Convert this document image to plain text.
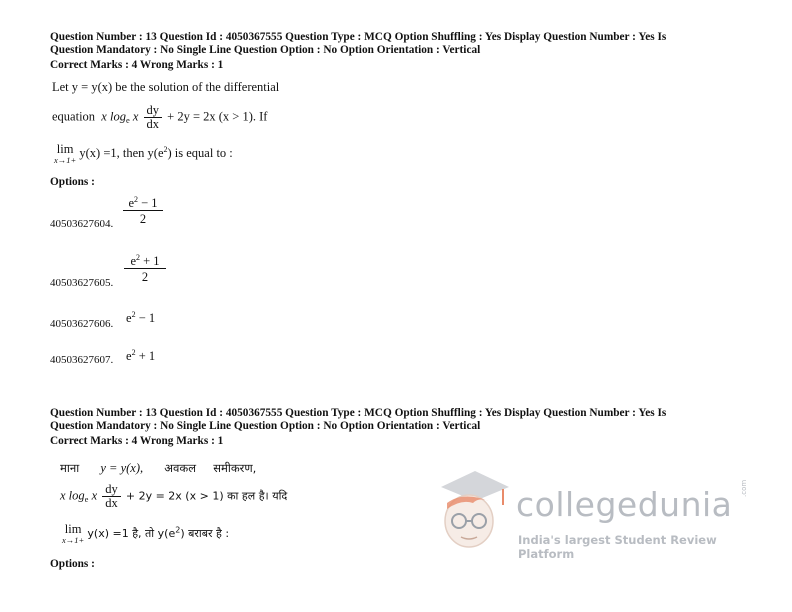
Question Number : 13 Question Id : 4050367555 Question Type : MCQ Option Shuffling : Yes Display Question Number : Yes Is
Question Mandatory : No Single Line Question Option : No Option Orientation : Vertical
Correct Marks : 4 Wrong Marks : 1
Let y = y(x) be the solution of the differential
equation x $\log_e x \frac{dy}{dx} + 2y = 2x$ (x > 1). If
lim
x→1+ y(x) =1, then $y(e^2)$ is equal to :
Options :
$e^2 - 1$
2
40503627604.
$e^2 + 1$
2
40503627605.
40503627606. $e^2 - 1$
40503627607. $e^2 + 1$
collegedunia .com
India's largest Student Review Platform
Question Number : 13 Question Id : 4050367555 Question Type : MCQ Option Shuffling : Yes Display Question Number : Yes Is
Question Mandatory : No Single Line Question Option : No Option Orientation : Vertical
Correct Marks : 4 Wrong Marks : 1
माना y = y(x), अवकल समीकरण,
x $\log_e x \frac{dy}{dx} + 2y = 2x$ (x > 1) का हल है। यदि
lim
x→1+
y(x) =1 है, तो $y(e^2)$ बराबर है :
Options :
